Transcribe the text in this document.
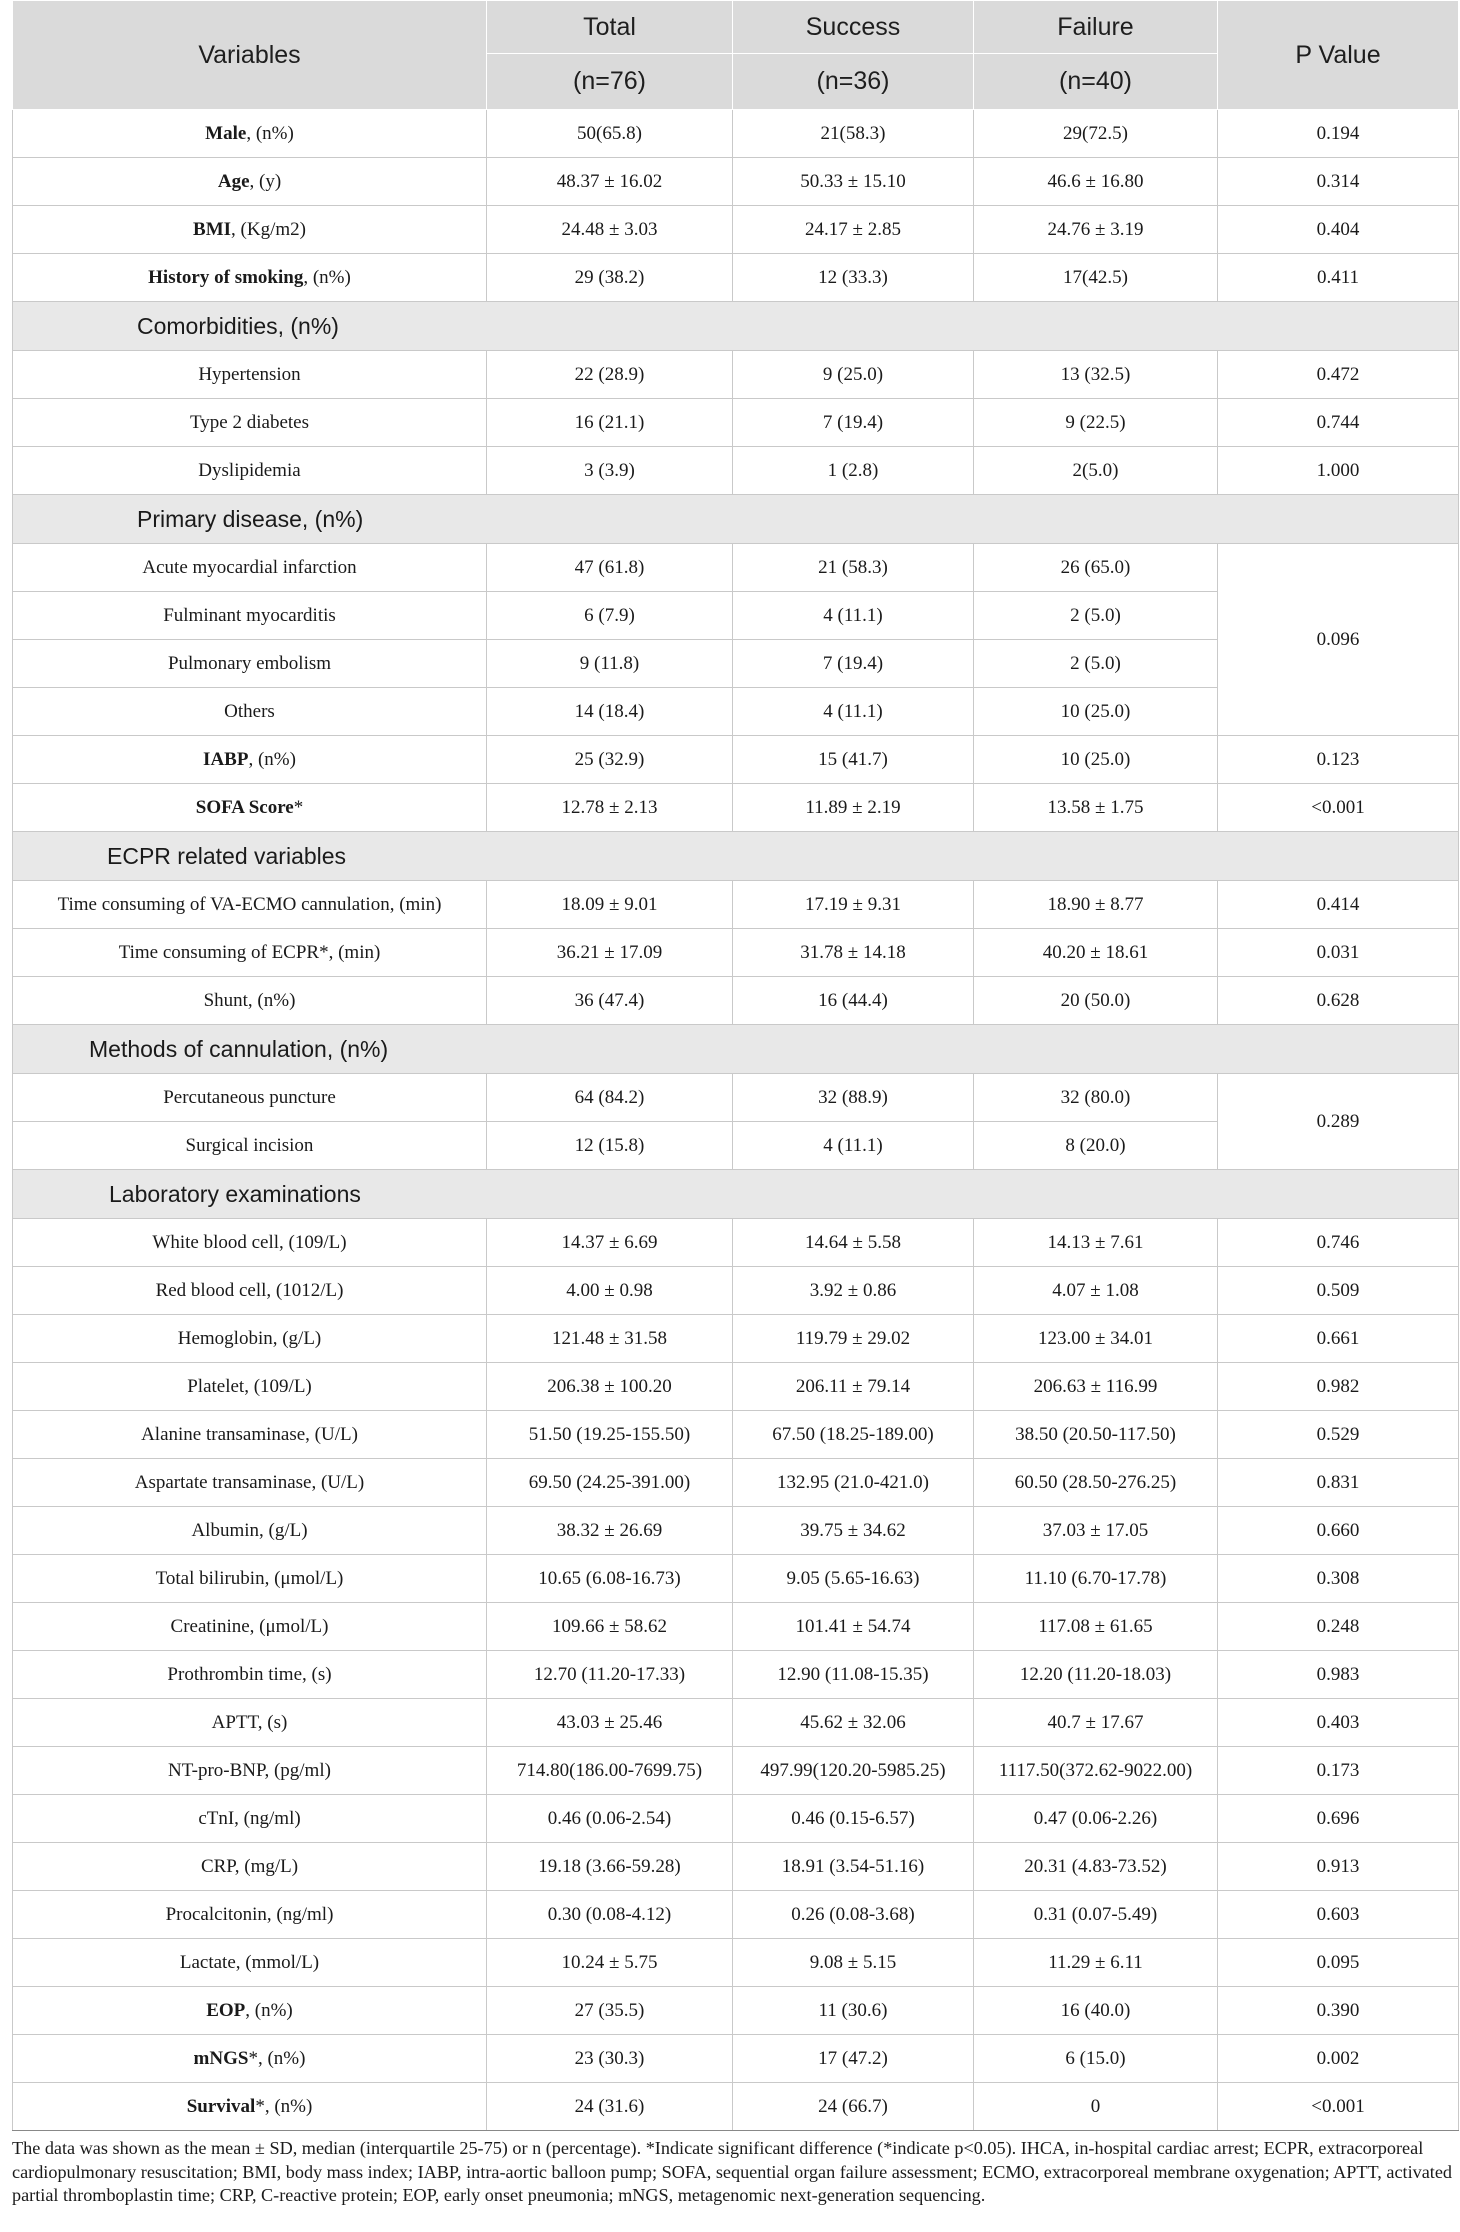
Variables	Total	Success	Failure	P Value
	(n=76)	(n=36)	(n=40)	
Male, (n%)	50(65.8)	21(58.3)	29(72.5)	0.194
Age, (y)	48.37 ± 16.02	50.33 ± 15.10	46.6 ± 16.80	0.314
BMI, (Kg/m2)	24.48 ± 3.03	24.17 ± 2.85	24.76 ± 3.19	0.404
History of smoking, (n%)	29 (38.2)	12 (33.3)	17(42.5)	0.411
Comorbidities, (n%)				
Hypertension	22 (28.9)	9 (25.0)	13 (32.5)	0.472
Type 2 diabetes	16 (21.1)	7 (19.4)	9 (22.5)	0.744
Dyslipidemia	3 (3.9)	1 (2.8)	2(5.0)	1.000
Primary disease, (n%)				
Acute myocardial infarction	47 (61.8)	21 (58.3)	26 (65.0)	0.096
Fulminant myocarditis	6 (7.9)	4 (11.1)	2 (5.0)	
Pulmonary embolism	9 (11.8)	7 (19.4)	2 (5.0)	
Others	14 (18.4)	4 (11.1)	10 (25.0)	
IABP, (n%)	25 (32.9)	15 (41.7)	10 (25.0)	0.123
SOFA Score*	12.78 ± 2.13	11.89 ± 2.19	13.58 ± 1.75	<0.001
ECPR related variables				
Time consuming of VA-ECMO cannulation, (min)	18.09 ± 9.01	17.19 ± 9.31	18.90 ± 8.77	0.414
Time consuming of ECPR*, (min)	36.21 ± 17.09	31.78 ± 14.18	40.20 ± 18.61	0.031
Shunt, (n%)	36 (47.4)	16 (44.4)	20 (50.0)	0.628
Methods of cannulation, (n%)				
Percutaneous puncture	64 (84.2)	32 (88.9)	32 (80.0)	0.289
Surgical incision	12 (15.8)	4 (11.1)	8 (20.0)	
Laboratory examinations				
White blood cell, (109/L)	14.37 ± 6.69	14.64 ± 5.58	14.13 ± 7.61	0.746
Red blood cell, (1012/L)	4.00 ± 0.98	3.92 ± 0.86	4.07 ± 1.08	0.509
Hemoglobin, (g/L)	121.48 ± 31.58	119.79 ± 29.02	123.00 ± 34.01	0.661
Platelet, (109/L)	206.38 ± 100.20	206.11 ± 79.14	206.63 ± 116.99	0.982
Alanine transaminase, (U/L)	51.50 (19.25-155.50)	67.50 (18.25-189.00)	38.50 (20.50-117.50)	0.529
Aspartate transaminase, (U/L)	69.50 (24.25-391.00)	132.95 (21.0-421.0)	60.50 (28.50-276.25)	0.831
Albumin, (g/L)	38.32 ± 26.69	39.75 ± 34.62	37.03 ± 17.05	0.660
Total bilirubin, (μmol/L)	10.65 (6.08-16.73)	9.05 (5.65-16.63)	11.10 (6.70-17.78)	0.308
Creatinine, (μmol/L)	109.66 ± 58.62	101.41 ± 54.74	117.08 ± 61.65	0.248
Prothrombin time, (s)	12.70 (11.20-17.33)	12.90 (11.08-15.35)	12.20 (11.20-18.03)	0.983
APTT, (s)	43.03 ± 25.46	45.62 ± 32.06	40.7 ± 17.67	0.403
NT-pro-BNP, (pg/ml)	714.80(186.00-7699.75)	497.99(120.20-5985.25)	1117.50(372.62-9022.00)	0.173
cTnI, (ng/ml)	0.46 (0.06-2.54)	0.46 (0.15-6.57)	0.47 (0.06-2.26)	0.696
CRP, (mg/L)	19.18 (3.66-59.28)	18.91 (3.54-51.16)	20.31 (4.83-73.52)	0.913
Procalcitonin, (ng/ml)	0.30 (0.08-4.12)	0.26 (0.08-3.68)	0.31 (0.07-5.49)	0.603
Lactate, (mmol/L)	10.24 ± 5.75	9.08 ± 5.15	11.29 ± 6.11	0.095
EOP, (n%)	27 (35.5)	11 (30.6)	16 (40.0)	0.390
mNGS*, (n%)	23 (30.3)	17 (47.2)	6 (15.0)	0.002
Survival*, (n%)	24 (31.6)	24 (66.7)	0	<0.001
The data was shown as the mean ± SD, median (interquartile 25-75) or n (percentage). *Indicate significant difference (*indicate p<0.05). IHCA, in-hospital cardiac arrest; ECPR, extracorporeal cardiopulmonary resuscitation; BMI, body mass index; IABP, intra-aortic balloon pump; SOFA, sequential organ failure assessment; ECMO, extracorporeal membrane oxygenation; APTT, activated partial thromboplastin time; CRP, C-reactive protein; EOP, early onset pneumonia; mNGS, metagenomic next-generation sequencing.
